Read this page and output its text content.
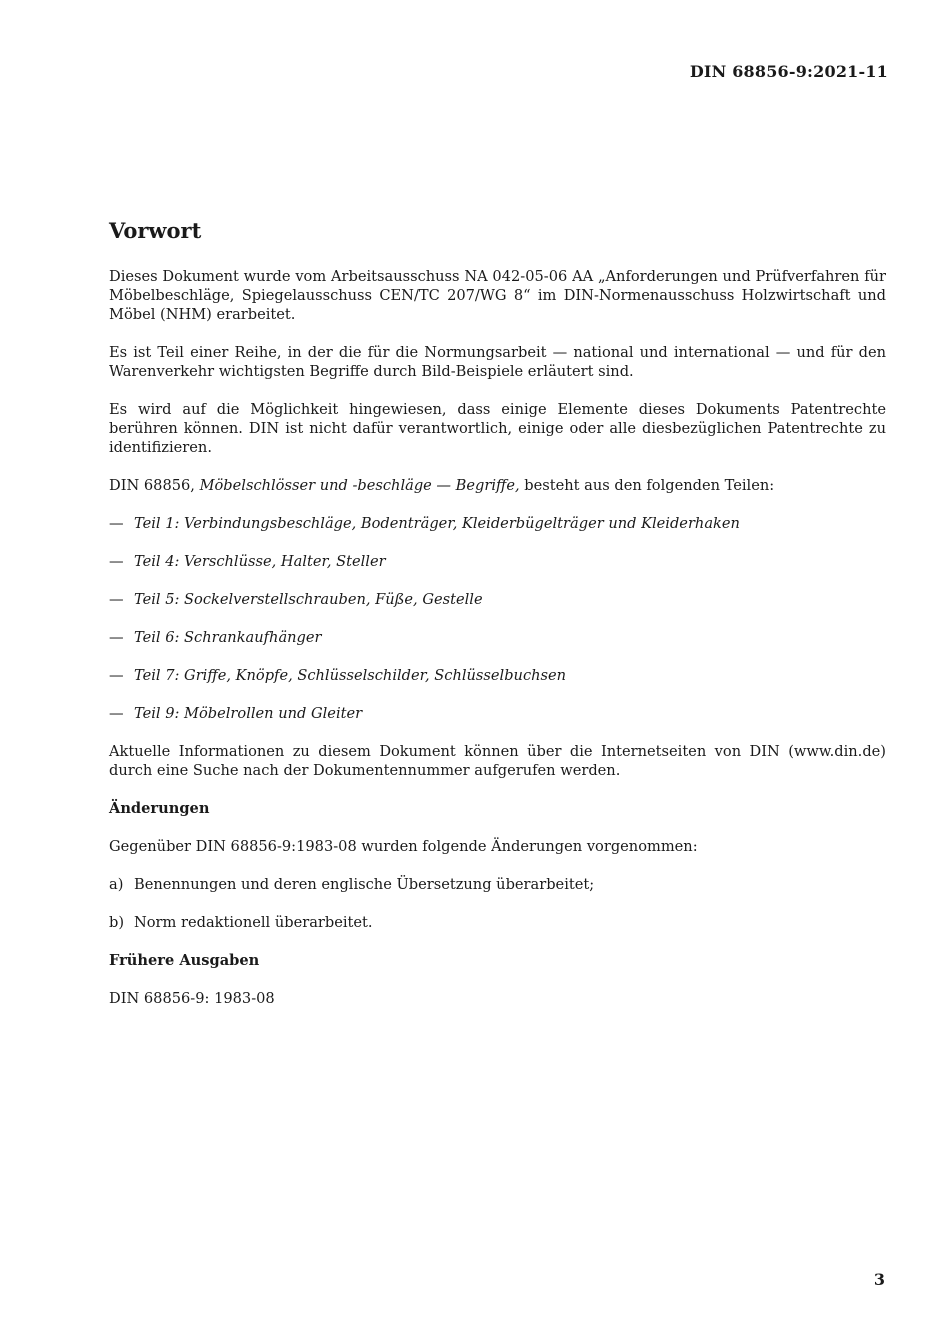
DIN 68856-9:2021-11
Vorwort

Dieses Dokument wurde vom Arbeitsausschuss NA 042-05-06 AA „Anforderungen und Prüfverfahren für Möbelbeschläge, Spiegelausschuss CEN/TC 207/WG 8“ im DIN-Normenausschuss Holzwirtschaft und Möbel (NHM) erarbeitet.

Es ist Teil einer Reihe, in der die für die Normungsarbeit — national und international — und für den Warenverkehr wichtigsten Begriffe durch Bild-Beispiele erläutert sind.

Es wird auf die Möglichkeit hingewiesen, dass einige Elemente dieses Dokuments Patentrechte berühren können. DIN ist nicht dafür verantwortlich, einige oder alle diesbezüglichen Patentrechte zu identifizieren.

DIN 68856, Möbelschlösser und -beschläge — Begriffe, besteht aus den folgenden Teilen:

— Teil 1: Verbindungsbeschläge, Bodenträger, Kleiderbügelträger und Kleiderhaken
— Teil 4: Verschlüsse, Halter, Steller
— Teil 5: Sockelverstellschrauben, Füße, Gestelle
— Teil 6: Schrankaufhänger
— Teil 7: Griffe, Knöpfe, Schlüsselschilder, Schlüsselbuchsen
— Teil 9: Möbelrollen und Gleiter

Aktuelle Informationen zu diesem Dokument können über die Internetseiten von DIN (www.din.de) durch eine Suche nach der Dokumentennummer aufgerufen werden.

Änderungen

Gegenüber DIN 68856-9:1983-08 wurden folgende Änderungen vorgenommen:

a) Benennungen und deren englische Übersetzung überarbeitet;
b) Norm redaktionell überarbeitet.
Frühere Ausgaben

DIN 68856-9: 1983-08

3
